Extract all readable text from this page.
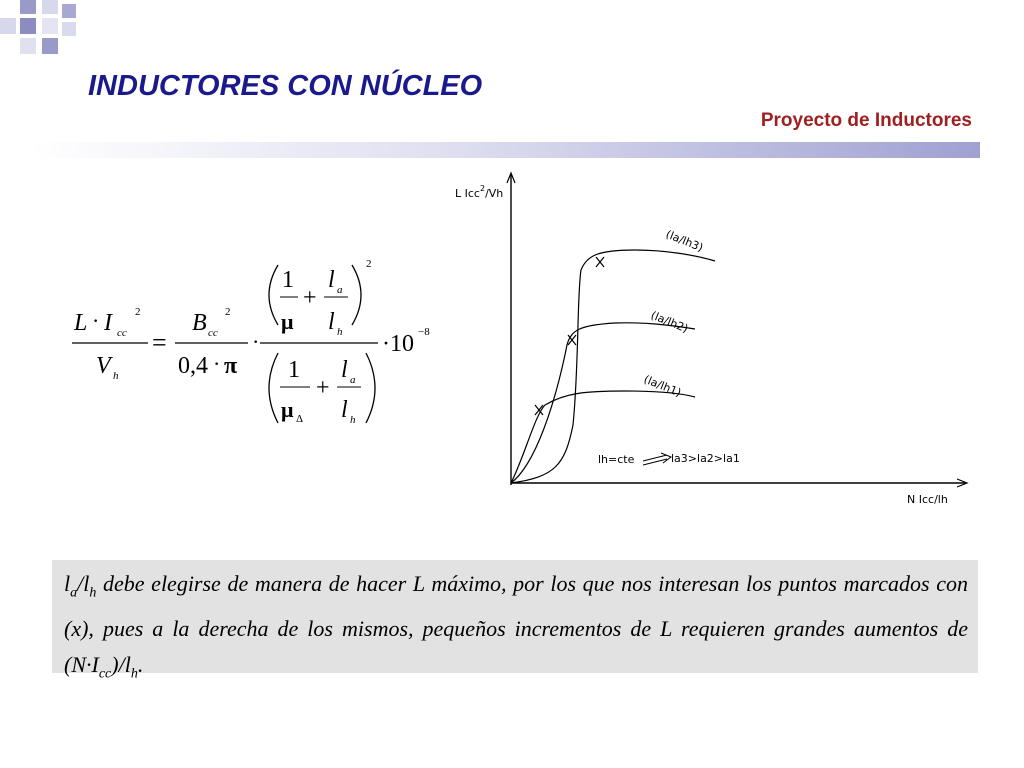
INDUCTORES CON NÚCLEO
Proyecto de Inductores
L · I cc
2
V h
=
B cc
2
0,4 · π
·
1
μ
+
l a
l h
2
1
μ Δ
+
l a
l h
·10 −8
L Icc$^2$/Vh
N Icc/lh
(la/lh3)
(la/lh2)
(la/lh1)
lh=cte	la3>la2>la1

$l_a/l_h$ debe elegirse de manera de hacer L máximo, por los que nos interesan los puntos marcados con (x), pues a la derecha de los mismos, pequeños incrementos de L requieren grandes aumentos de $(N\cdot I_{cc})/l_h$.
